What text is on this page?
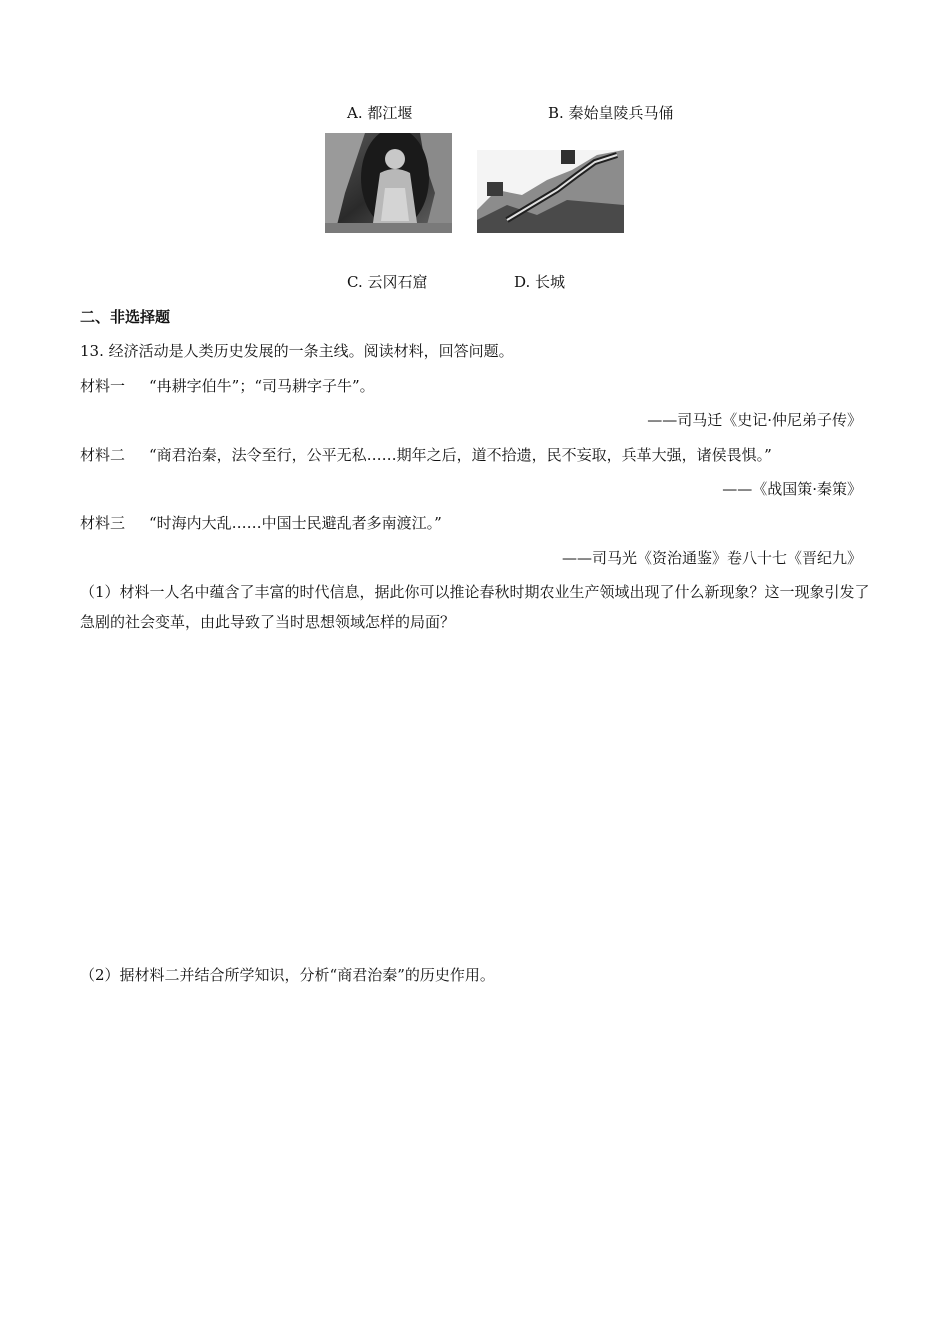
A. 都江堰	B. 秦始皇陵兵马俑
C. 云冈石窟	D. 长城
二、非选择题
13. 经济活动是人类历史发展的一条主线。阅读材料，回答问题。
材料一 “冉耕字伯牛”；“司马耕字子牛”。
——司马迁《史记·仲尼弟子传》
材料二 “商君治秦，法令至行，公平无私……期年之后，道不拾遗，民不妄取，兵革大强，诸侯畏惧。”
——《战国策·秦策》
材料三 “时海内大乱……中国士民避乱者多南渡江。”
——司马光《资治通鉴》卷八十七《晋纪九》
（1）材料一人名中蕴含了丰富的时代信息，据此你可以推论春秋时期农业生产领域出现了什么新现象？这一现象引发了急剧的社会变革，由此导致了当时思想领域怎样的局面？
（2）据材料二并结合所学知识，分析“商君治秦”的历史作用。
